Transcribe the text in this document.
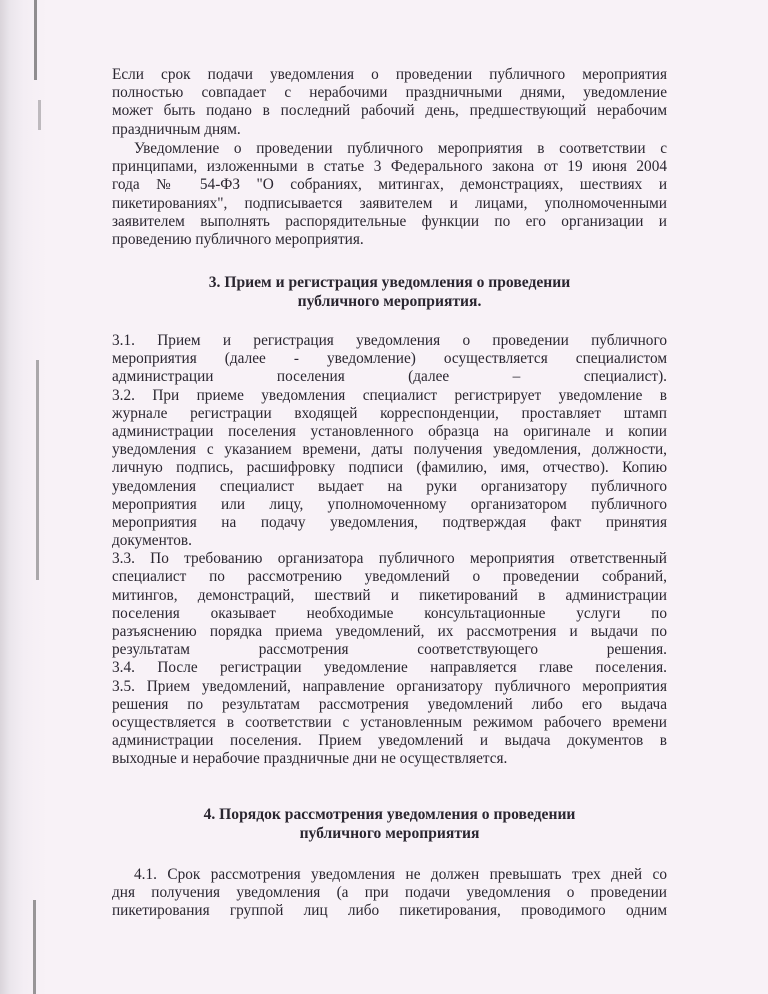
Если срок подачи уведомления о проведении публичного мероприятия
полностью совпадает с нерабочими праздничными днями, уведомление
может быть подано в последний рабочий день, предшествующий нерабочим
праздничным дням.
Уведомление о проведении публичного мероприятия в соответствии с
принципами, изложенными в статье 3 Федерального закона от 19 июня 2004
года № 54-ФЗ "О собраниях, митингах, демонстрациях, шествиях и
пикетированиях", подписывается заявителем и лицами, уполномоченными
заявителем выполнять распорядительные функции по его организации и
проведению публичного мероприятия.
3. Прием и регистрация уведомления о проведении
публичного мероприятия.
3.1. Прием и регистрация уведомления о проведении публичного
мероприятия (далее - уведомление) осуществляется специалистом
администрации поселения (далее – специалист).
3.2. При приеме уведомления специалист регистрирует уведомление в
журнале регистрации входящей корреспонденции, проставляет штамп
администрации поселения установленного образца на оригинале и копии
уведомления с указанием времени, даты получения уведомления, должности,
личную подпись, расшифровку подписи (фамилию, имя, отчество). Копию
уведомления специалист выдает на руки организатору публичного
мероприятия или лицу, уполномоченному организатором публичного
мероприятия на подачу уведомления, подтверждая факт принятия
документов.
3.3. По требованию организатора публичного мероприятия ответственный
специалист по рассмотрению уведомлений о проведении собраний,
митингов, демонстраций, шествий и пикетирований в администрации
поселения оказывает необходимые консультационные услуги по
разъяснению порядка приема уведомлений, их рассмотрения и выдачи по
результатам рассмотрения соответствующего решения.
3.4. После регистрации уведомление направляется главе поселения.
3.5. Прием уведомлений, направление организатору публичного мероприятия
решения по результатам рассмотрения уведомлений либо его выдача
осуществляется в соответствии с установленным режимом рабочего времени
администрации поселения. Прием уведомлений и выдача документов в
выходные и нерабочие праздничные дни не осуществляется.
4. Порядок рассмотрения уведомления о проведении
публичного мероприятия
4.1. Срок рассмотрения уведомления не должен превышать трех дней со
дня получения уведомления (а при подачи уведомления о проведении
пикетирования группой лиц либо пикетирования, проводимого одним
